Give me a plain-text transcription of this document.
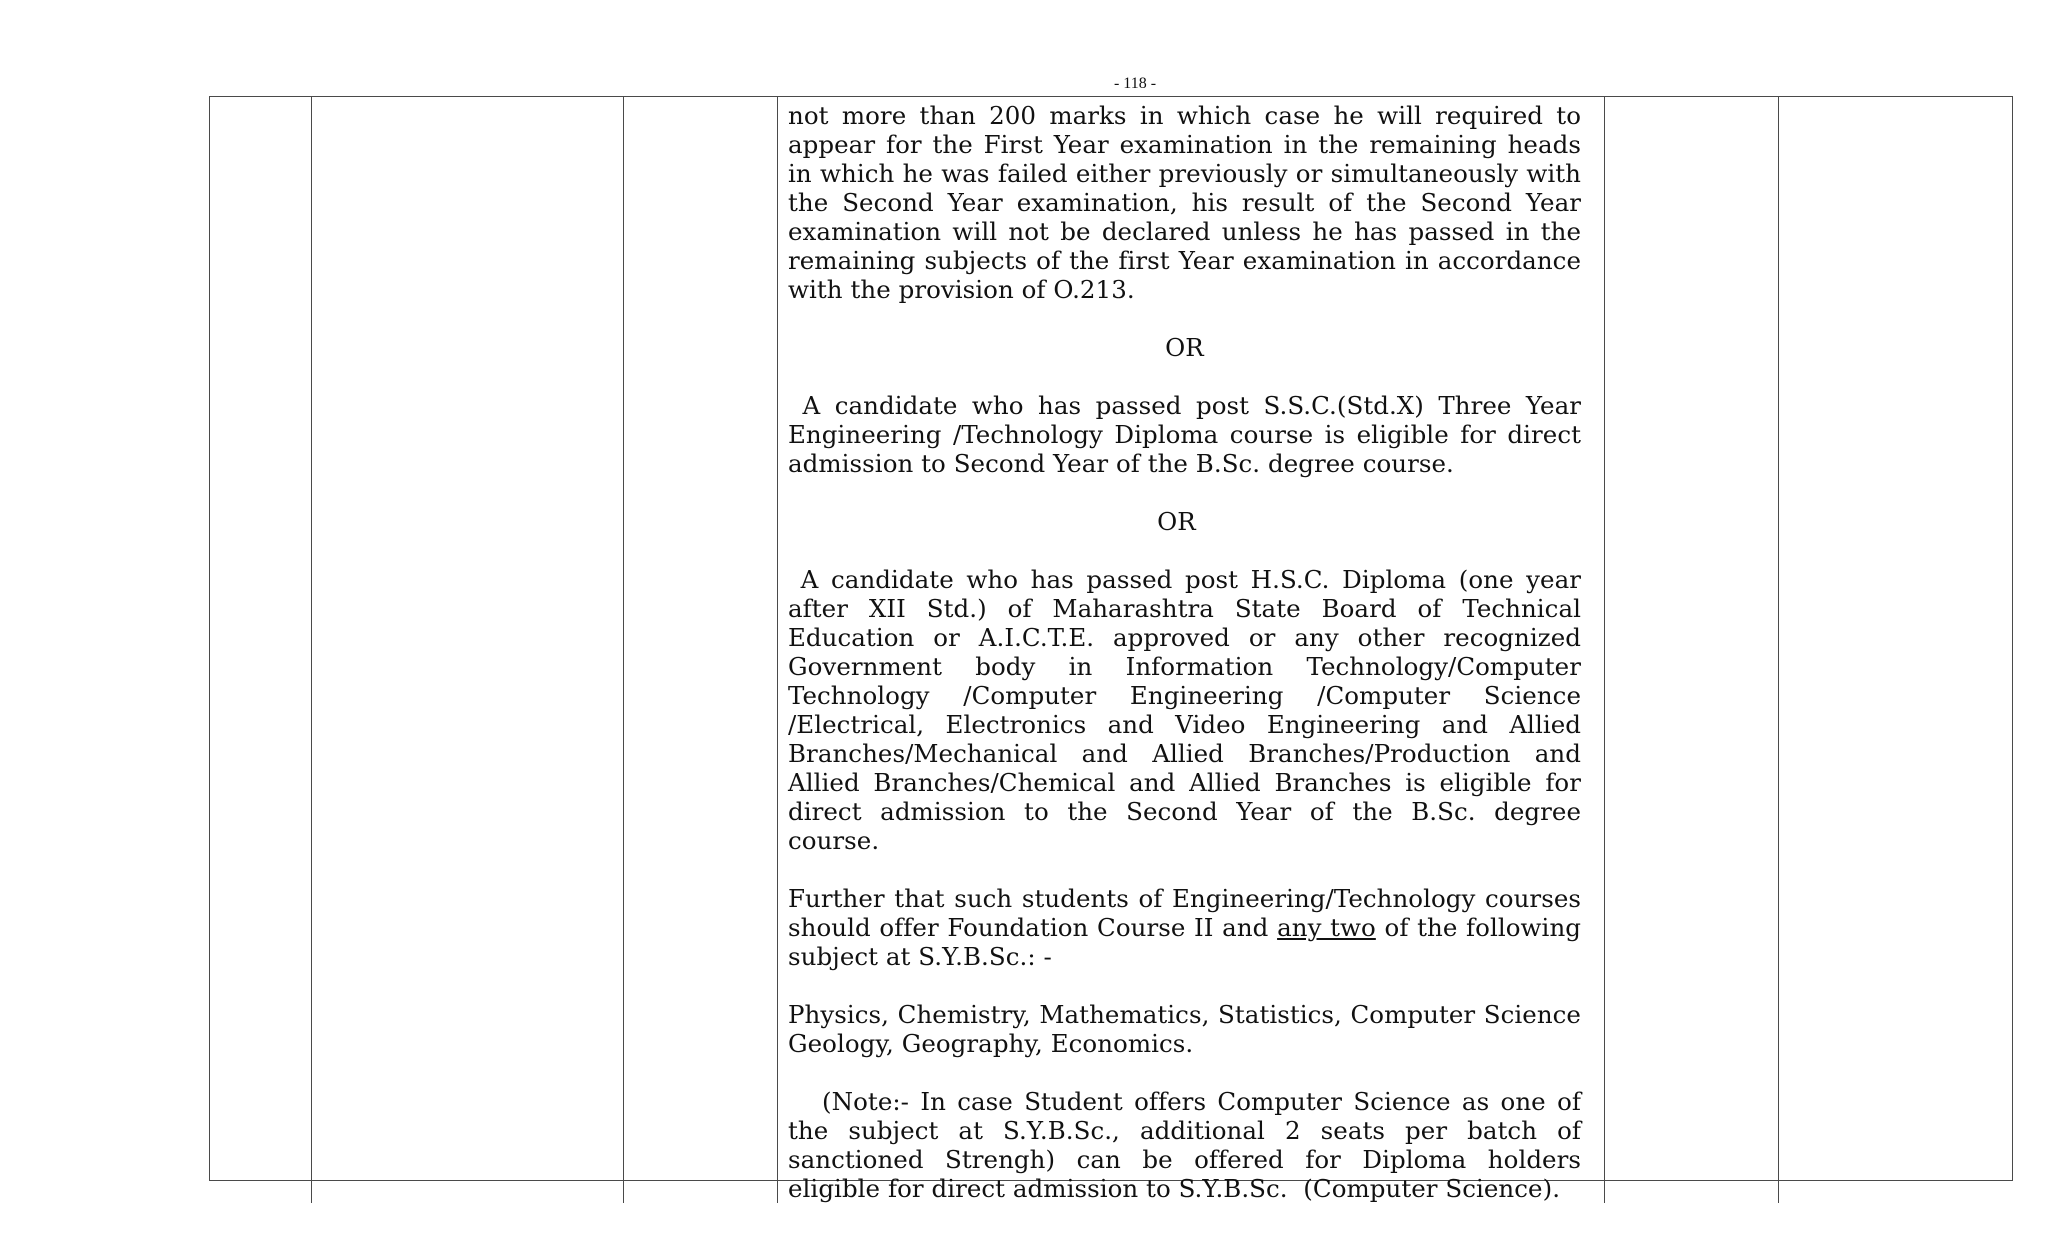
- 118 -

not more than 200 marks in which case he will required to appear for the First Year examination in the remaining heads in which he was failed either previously or simultaneously with the Second Year examination, his result of the Second Year examination will not be declared unless he has passed in the remaining subjects of the first Year examination in accordance with the provision of O.213.

OR

A candidate who has passed post S.S.C.(Std.X) Three Year Engineering /Technology Diploma course is eligible for direct admission to Second Year of the B.Sc. degree course.

OR

A candidate who has passed post H.S.C. Diploma (one year after XII Std.) of Maharashtra State Board of Technical Education or A.I.C.T.E. approved or any other recognized Government body in Information Technology/Computer Technology /Computer Engineering /Computer Science /Electrical, Electronics and Video Engineering and Allied Branches/Mechanical and Allied Branches/Production and Allied Branches/Chemical and Allied Branches is eligible for direct admission to the Second Year of the B.Sc. degree course.

Further that such students of Engineering/Technology courses should offer Foundation Course II and any two of the following subject at S.Y.B.Sc.: -

Physics, Chemistry, Mathematics, Statistics, Computer Science Geology, Geography, Economics.

(Note:- In case Student offers Computer Science as one of the subject at S.Y.B.Sc., additional 2 seats per batch of sanctioned Strengh) can be offered for Diploma holders eligible for direct admission to S.Y.B.Sc.  (Computer Science).
